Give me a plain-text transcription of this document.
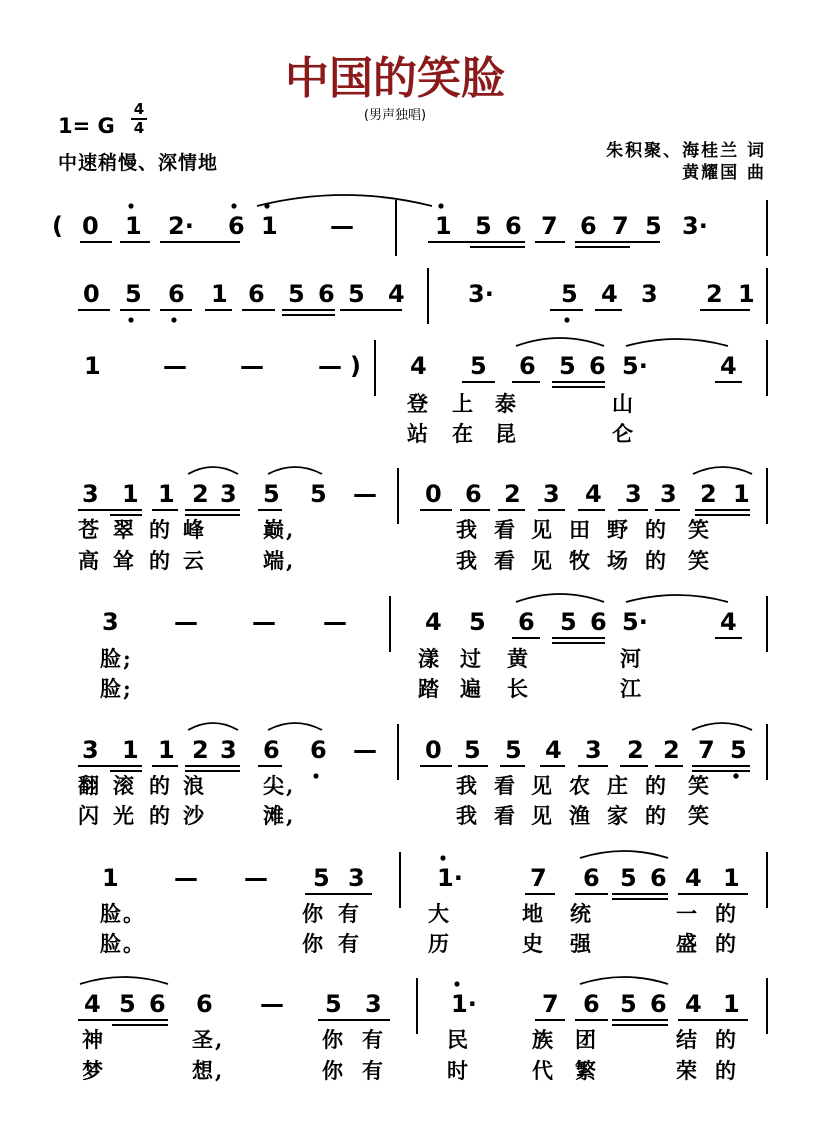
中国的笑脸
(男声独唱)
1= G
4
4
中速稍慢、深情地
朱积聚、海桂兰 词
黄耀国 曲
( 0 1 2· 6 1 —	1 5 6 7 6 7 5 3·
0 5 6 1 6 5 6 5 4	3·	5 4 3 2 1
1	— — — ) 4 5 6 5 6 5·	4
登 上 泰	山
站 在 昆	仑
3 1 1 2 3 5 5 — 0 6 2 3 4 3 3 2 1
苍 翠 的 峰	巅,	我 看 见 田 野 的 笑
高 耸 的 云	端,	我 看 见 牧 场 的 笑
3 — — —	4 5 6 5 6 5·	4
脸;	漾 过 黄	河
脸;	踏 遍 长	江
3 1 1 2 3 6 6 — 0 5 5 4 3 2 2 7 5
翻 滚 的 浪	尖,	我 看 见 农 庄 的 笑
闪 光 的 沙	滩,	我 看 见 渔 家 的 笑
1 — — 5 3	1·	7 6 5 6 4 1
脸。	你 有	大	地 统	一 的
脸。	你 有	历	史 强	盛 的
4 5 6 6 — 5 3	1·	7 6 5 6 4 1
神	圣,	你 有	民	族 团	结 的
梦	想,	你 有	时	代 繁	荣 的
